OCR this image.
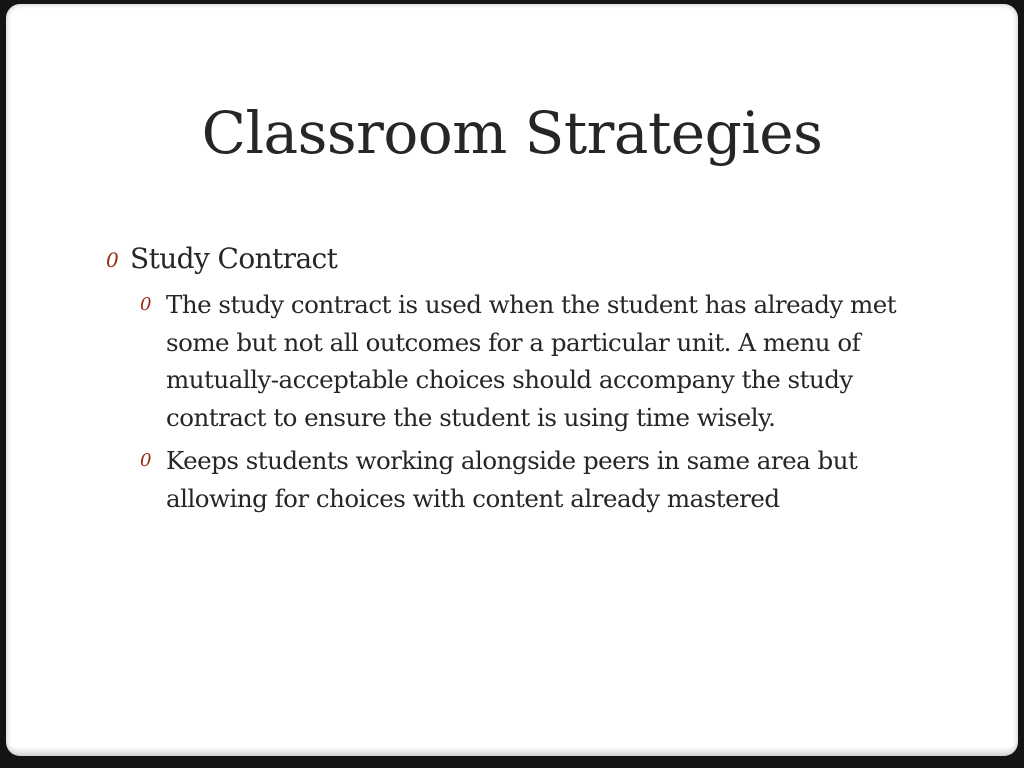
Classroom Strategies
0 Study Contract
0 The study contract is used when the student has already met some but not all outcomes for a particular unit. A menu of mutually-acceptable choices should accompany the study contract to ensure the student is using time wisely.
0 Keeps students working alongside peers in same area but allowing for choices with content already mastered
